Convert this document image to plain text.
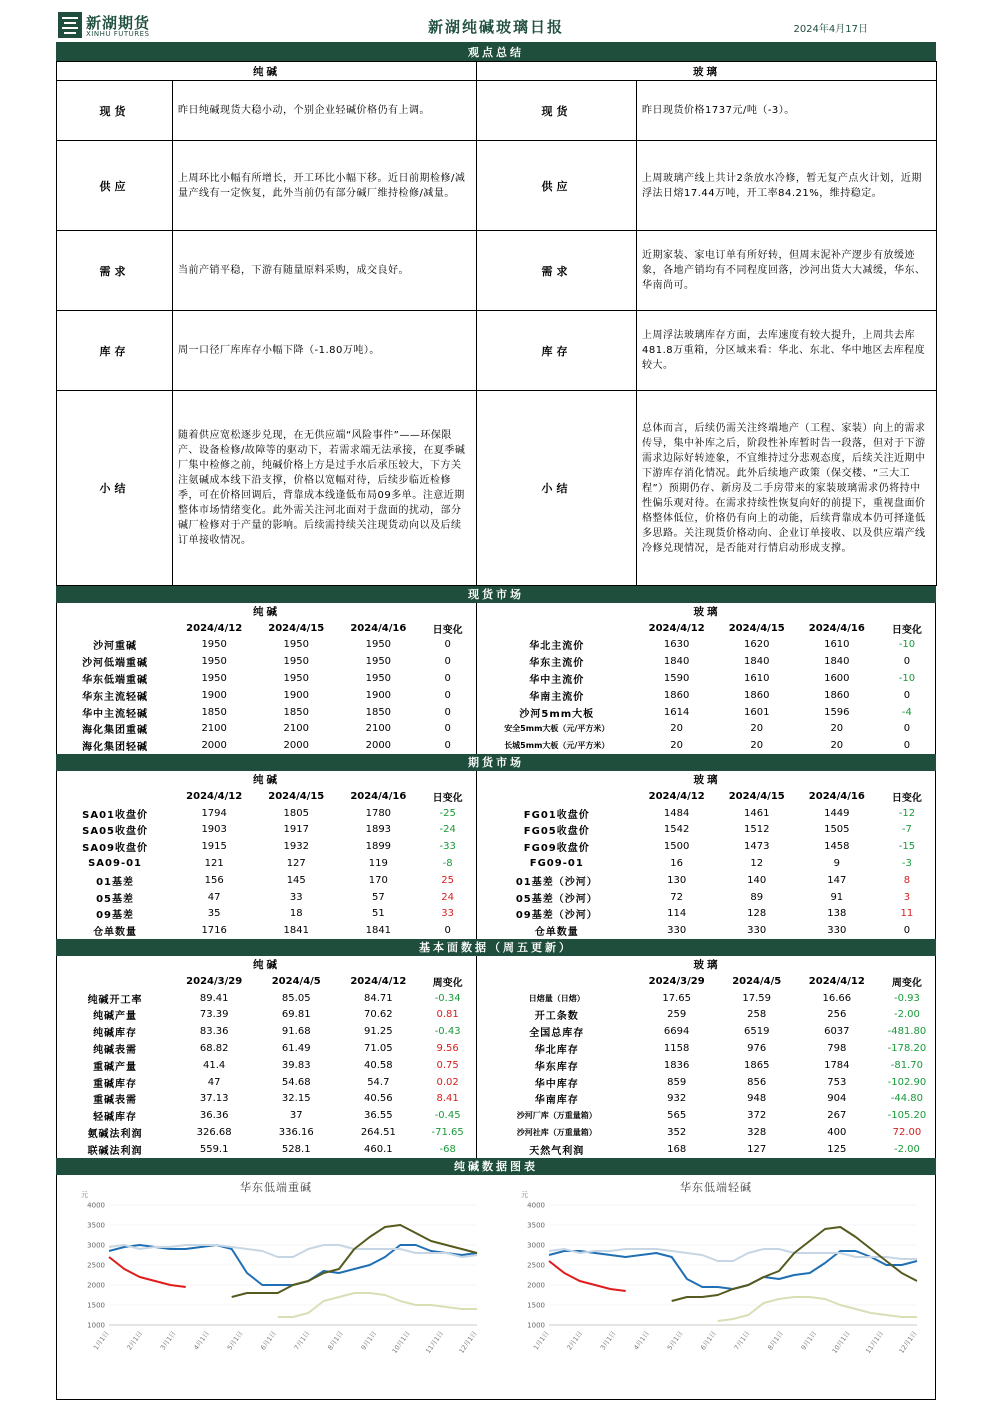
新湖期货
XINHU FUTURES	新湖纯碱玻璃日报	2024年4月17日
观点总结
纯碱		玻璃	
现货	昨日纯碱现货大稳小动，个别企业轻碱价格仍有上调。	现货	昨日现货价格1737元/吨（-3）。
供应	上周环比小幅有所增长，开工环比小幅下移。近日前期检修/减量产线有一定恢复，此外当前仍有部分碱厂维持检修/减量。	供应	上周玻璃产线上共计2条放水冷修，暂无复产点火计划，近期浮法日熔17.44万吨，开工率84.21%，维持稳定。
需求	当前产销平稳，下游有随量原料采购，成交良好。	需求	近期家装、家电订单有所好转，但周末泥补产逻步有放缓迹象，各地产销均有不同程度回落，沙河出货大大减缓，华东、华南尚可。
库存	周一口径厂库库存小幅下降（-1.80万吨）。	库存	上周浮法玻璃库存方面，去库速度有较大提升，上周共去库481.8万重箱，分区域来看：华北、东北、华中地区去库程度较大。
小结	随着供应宽松逐步兑现，在无供应端“风险事件”——环保限产、设备检修/故障等的驱动下，若需求端无法承接，在夏季碱厂集中检修之前，纯碱价格上方是过手水后承压较大，下方关注氨碱成本线下沿支撑，价格以宽幅对待，后续步临近检修季，可在价格回调后，背靠成本线逢低布局09多单。注意近期整体市场情绪变化。此外需关注河北面对于盘面的扰动，部分碱厂检修对于产量的影响。后续需持续关注现货动向以及后续订单接收情况。	小结	总体而言，后续仍需关注终端地产（工程、家装）向上的需求传导，集中补库之后，阶段性补库暂时告一段落，但对于下游需求边际好转迹象，不宜维持过分悲观态度，后续关注近期中下游库存消化情况。此外后续地产政策（保交楼、“三大工程”）预期仍存、新房及二手房带来的家装玻璃需求仍将持中性偏乐观对待。在需求持续性恢复向好的前提下，重视盘面价格整体低位，价格仍有向上的动能，后续背靠成本仍可择逢低多思路。关注现货价格动向、企业订单接收、以及供应端产线冷修兑现情况，是否能对行情启动形成支撑。
现货市场
纯碱					玻璃				
	2024/4/12	2024/4/15	2024/4/16	日变化		2024/4/12	2024/4/15	2024/4/16	日变化
沙河重碱	1950	1950	1950	0	华北主流价	1630	1620	1610	-10
沙河低端重碱	1950	1950	1950	0	华东主流价	1840	1840	1840	0
华东低端重碱	1950	1950	1950	0	华中主流价	1590	1610	1600	-10
华东主流轻碱	1900	1900	1900	0	华南主流价	1860	1860	1860	0
华中主流轻碱	1850	1850	1850	0	沙河5mm大板	1614	1601	1596	-4
海化集团重碱	2100	2100	2100	0	安全5mm大板（元/平方米）	20	20	20	0
海化集团轻碱	2000	2000	2000	0	长城5mm大板（元/平方米）	20	20	20	0
期货市场
纯碱					玻璃				
	2024/4/12	2024/4/15	2024/4/16	日变化		2024/4/12	2024/4/15	2024/4/16	日变化
SA01收盘价	1794	1805	1780	-25	FG01收盘价	1484	1461	1449	-12
SA05收盘价	1903	1917	1893	-24	FG05收盘价	1542	1512	1505	-7
SA09收盘价	1915	1932	1899	-33	FG09收盘价	1500	1473	1458	-15
SA09-01	121	127	119	-8	FG09-01	16	12	9	-3
01基差	156	145	170	25	01基差（沙河）	130	140	147	8
05基差	47	33	57	24	05基差（沙河）	72	89	91	3
09基差	35	18	51	33	09基差（沙河）	114	128	138	11
仓单数量	1716	1841	1841	0	仓单数量	330	330	330	0
基本面数据（周五更新）
纯碱					玻璃				
	2024/3/29	2024/4/5	2024/4/12	周变化		2024/3/29	2024/4/5	2024/4/12	周变化
纯碱开工率	89.41	85.05	84.71	-0.34	日熔量（日熔）	17.65	17.59	16.66	-0.93
纯碱产量	73.39	69.81	70.62	0.81	开工条数	259	258	256	-2.00
纯碱库存	83.36	91.68	91.25	-0.43	全国总库存	6694	6519	6037	-481.80
纯碱表需	68.82	61.49	71.05	9.56	华北库存	1158	976	798	-178.20
重碱产量	41.4	39.83	40.58	0.75	华东库存	1836	1865	1784	-81.70
重碱库存	47	54.68	54.7	0.02	华中库存	859	856	753	-102.90
重碱表需	37.13	32.15	40.56	8.41	华南库存	932	948	904	-44.80
轻碱库存	36.36	37	36.55	-0.45	沙河厂库（万重量箱）	565	372	267	-105.20
氨碱法利润	326.68	336.16	264.51	-71.65	沙河社库（万重量箱）	352	328	400	72.00
联碱法利润	559.1	528.1	460.1	-68	天然气利润	168	127	125	-2.00
纯碱数据图表
华东低端重碱
元
1000
1500
2000
2500
3000
3500
4000
1月1日 2月1日 3月1日 4月1日 5月1日 6月1日 7月1日 8月1日 9月1日 10月1日 11月1日 12月1日
华东低端轻碱
元
1000
1500
2000
2500
3000
3500
4000
1月1日 2月1日 3月1日 4月1日 5月1日 6月1日 7月1日 8月1日 9月1日 10月1日 11月1日 12月1日
